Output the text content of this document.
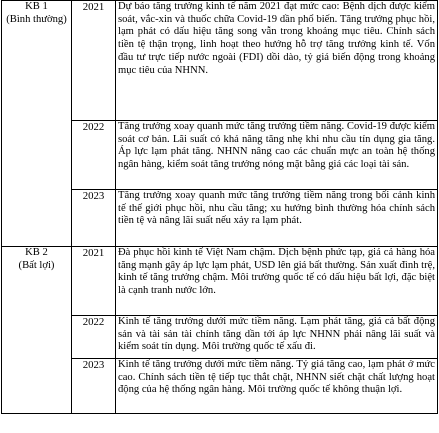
KB 1
(Bình thường)	2021	Dự báo tăng trưởng kinh tế năm 2021 đạt mức cao: Bệnh dịch được kiểm soát, vắc-xin và thuốc chữa Covid-19 dần phổ biến. Tăng trưởng phục hồi, lạm phát có dấu hiệu tăng song vẫn trong khoảng mục tiêu. Chính sách tiền tệ thận trọng, linh hoạt theo hướng hỗ trợ tăng trưởng kinh tế. Vốn đầu tư trực tiếp nước ngoài (FDI) dồi dào, tỷ giá biến động trong khoảng mục tiêu của NHNN.
	2022	Tăng trưởng xoay quanh mức tăng trưởng tiềm năng. Covid-19 được kiểm soát cơ bản. Lãi suất có khả năng tăng nhẹ khi nhu cầu tín dụng gia tăng. Áp lực lạm phát tăng. NHNN nâng cao các chuẩn mực an toàn hệ thống ngân hàng, kiểm soát tăng trưởng nóng mặt bằng giá các loại tài sản.
	2023	Tăng trưởng xoay quanh mức tăng trưởng tiềm năng trong bối cảnh kinh tế thế giới phục hồi, nhu cầu tăng; xu hướng bình thường hóa chính sách tiền tệ và nâng lãi suất nếu xảy ra lạm phát.

KB 2
(Bất lợi)	2021	Đà phục hồi kinh tế Việt Nam chậm. Dịch bệnh phức tạp, giá cả hàng hóa tăng mạnh gây áp lực lạm phát, USD lên giá bất thường. Sản xuất đình trệ, kinh tế tăng trưởng chậm. Môi trường quốc tế có dấu hiệu bất lợi, đặc biệt là cạnh tranh nước lớn.
	2022	Kinh tế tăng trưởng dưới mức tiềm năng. Lạm phát tăng, giá cả bất động sản và tài sản tài chính tăng dần tới áp lực NHNN phải nâng lãi suất và kiểm soát tín dụng. Môi trường quốc tế xấu đi.
	2023	Kinh tế tăng trưởng dưới mức tiềm năng. Tỷ giá tăng cao, lạm phát ở mức cao. Chính sách tiền tệ tiếp tục thắt chặt, NHNN siết chặt chất lượng hoạt động của hệ thống ngân hàng. Môi trường quốc tế không thuận lợi.
